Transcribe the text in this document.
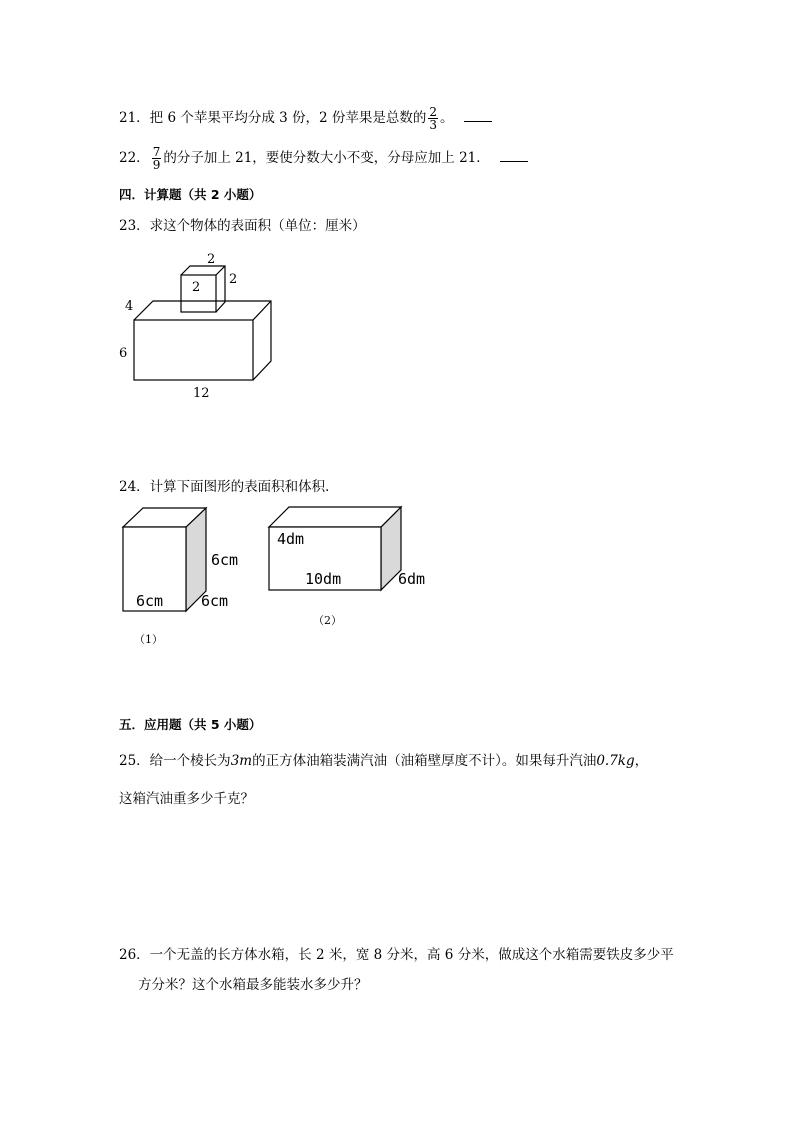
21．把 6 个苹果平均分成 3 份，2 份苹果是总数的 $\frac{2}{3}$ 。
22． $\frac{7}{9}$ 的分子加上 21，要使分数大小不变，分母应加上 21．
四．计算题（共 2 小题）
23．求这个物体的表面积（单位：厘米）
2
2
2
4
6
12
24．计算下面图形的表面积和体积．
6cm
6cm	6cm
（1）
4dm
10dm	6dm
（2）
五．应用题（共 5 小题）
25．给一个棱长为3m的正方体油箱装满汽油（油箱壁厚度不计）。如果每升汽油0.7kg，
这箱汽油重多少千克？
26．一个无盖的长方体水箱，长 2 米，宽 8 分米，高 6 分米，做成这个水箱需要铁皮多少平
方分米？这个水箱最多能装水多少升？
